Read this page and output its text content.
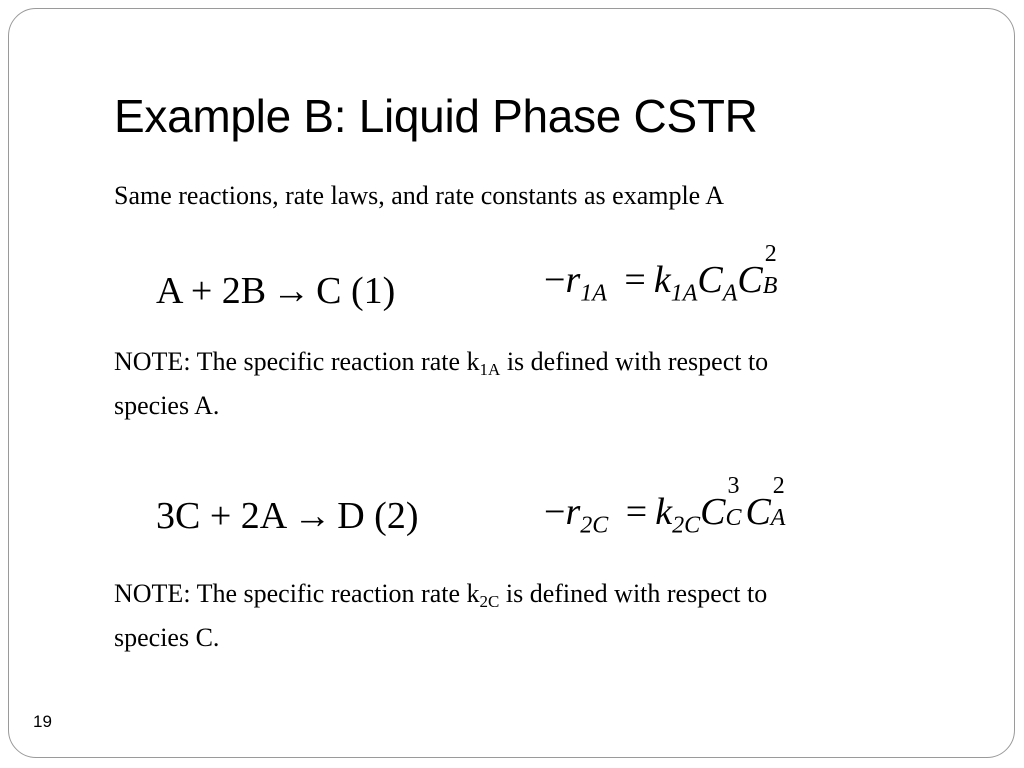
Example B: Liquid Phase CSTR
Same reactions, rate laws, and rate constants as example A
A + 2B → C (1)	$-r_{1A} = k_{1A}C_AC$
2
B
NOTE: The specific reaction rate $k_{1A}$ is defined with respect to
species A.
3C + 2A → D (2)	$-r_{2C} = k_{2C}C$
3
C C
2
A
NOTE: The specific reaction rate $k_{2C}$ is defined with respect to
species C.
19
